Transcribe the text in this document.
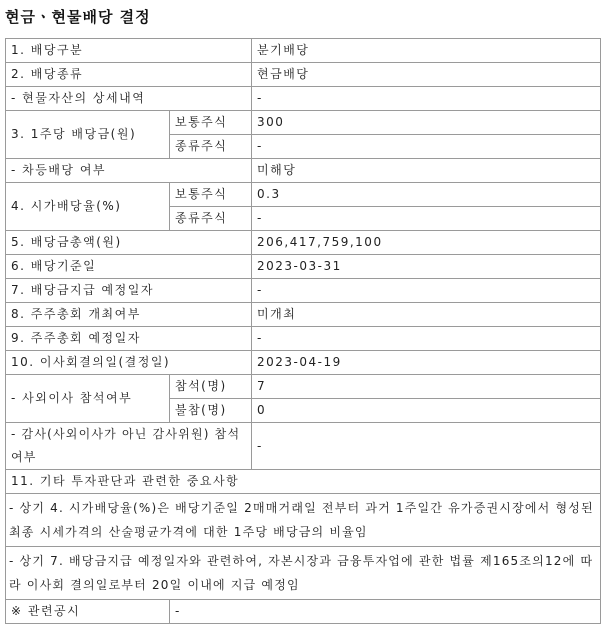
현금ㆍ현물배당 결정
1. 배당구분		분기배당
2. 배당종류		현금배당
- 현물자산의 상세내역		-
3. 1주당 배당금(원)	보통주식	300
	종류주식	-
- 차등배당 여부		미해당
4. 시가배당율(%)	보통주식	0.3
	종류주식	-
5. 배당금총액(원)		206,417,759,100
6. 배당기준일		2023-03-31
7. 배당금지급 예정일자		-
8. 주주총회 개최여부		미개최
9. 주주총회 예정일자		-
10. 이사회결의일(결정일)		2023-04-19
- 사외이사 참석여부	참석(명)	7
	불참(명)	0
- 감사(사외이사가 아닌 감사위원) 참석여부		-
11. 기타 투자판단과 관련한 중요사항		
- 상기 4. 시가배당율(%)은 배당기준일 2매매거래일 전부터 과거 1주일간 유가증권시장에서 형성된 최종 시세가격의 산술평균가격에 대한 1주당 배당금의 비율임		
- 상기 7. 배당금지급 예정일자와 관련하여, 자본시장과 금융투자업에 관한 법률 제165조의12에 따라 이사회 결의일로부터 20일 이내에 지급 예정임		
※ 관련공시	-	
